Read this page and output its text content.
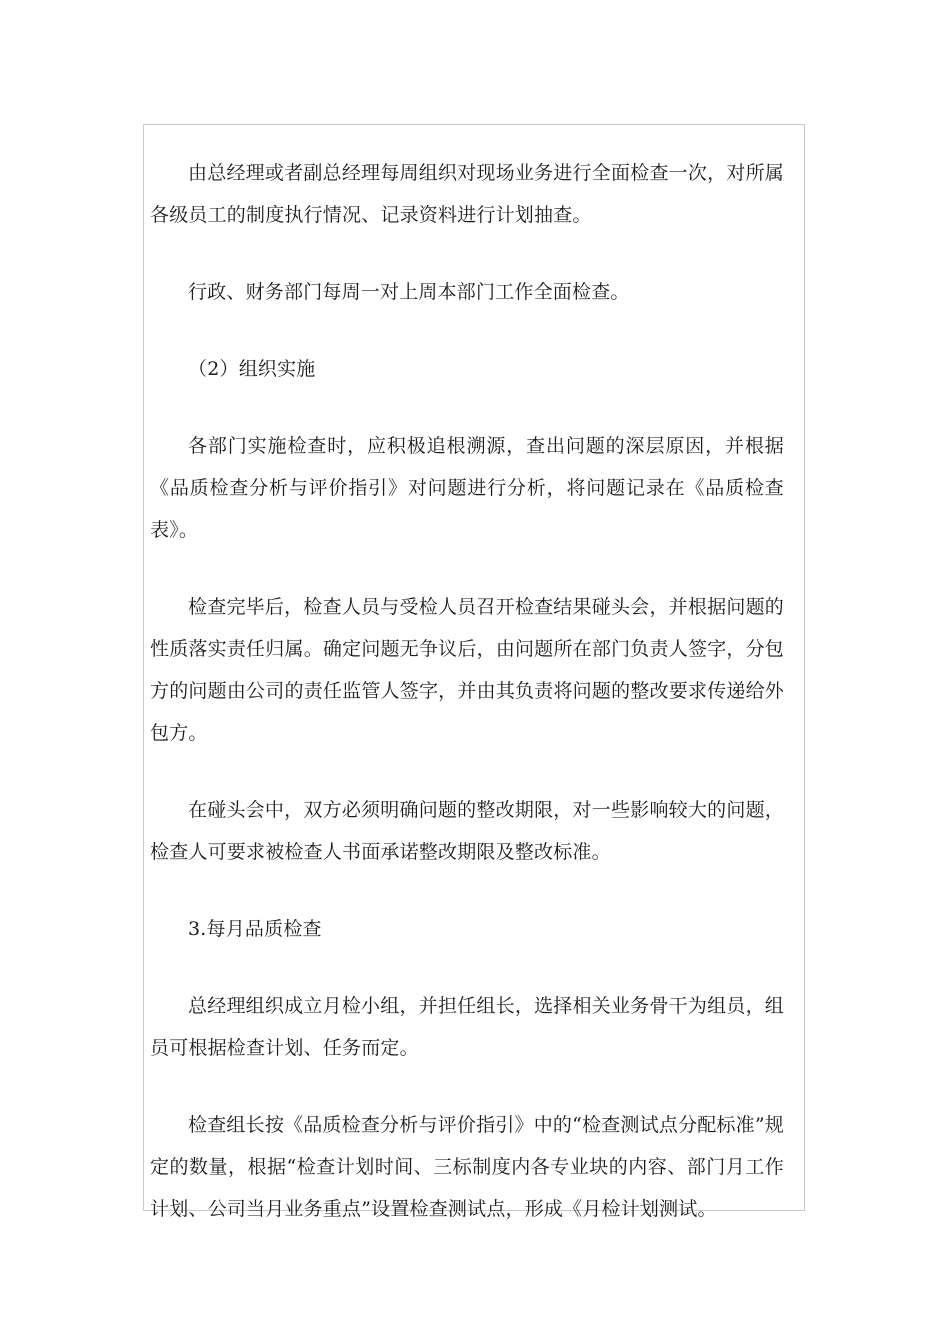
由总经理或者副总经理每周组织对现场业务进行全面检查一次，对所属各级员工的制度执行情况、记录资料进行计划抽查。

行政、财务部门每周一对上周本部门工作全面检查。

（2）组织实施

各部门实施检查时，应积极追根溯源，查出问题的深层原因，并根据《品质检查分析与评价指引》对问题进行分析，将问题记录在《品质检查表》。

检查完毕后，检查人员与受检人员召开检查结果碰头会，并根据问题的性质落实责任归属。确定问题无争议后，由问题所在部门负责人签字，分包方的问题由公司的责任监管人签字，并由其负责将问题的整改要求传递给外包方。

在碰头会中，双方必须明确问题的整改期限，对一些影响较大的问题，检查人可要求被检查人书面承诺整改期限及整改标准。

3.每月品质检查

总经理组织成立月检小组，并担任组长，选择相关业务骨干为组员，组员可根据检查计划、任务而定。

检查组长按《品质检查分析与评价指引》中的“检查测试点分配标准”规定的数量，根据“检查计划时间、三标制度内各专业块的内容、部门月工作计划、公司当月业务重点”设置检查测试点，形成《月检计划测试。
